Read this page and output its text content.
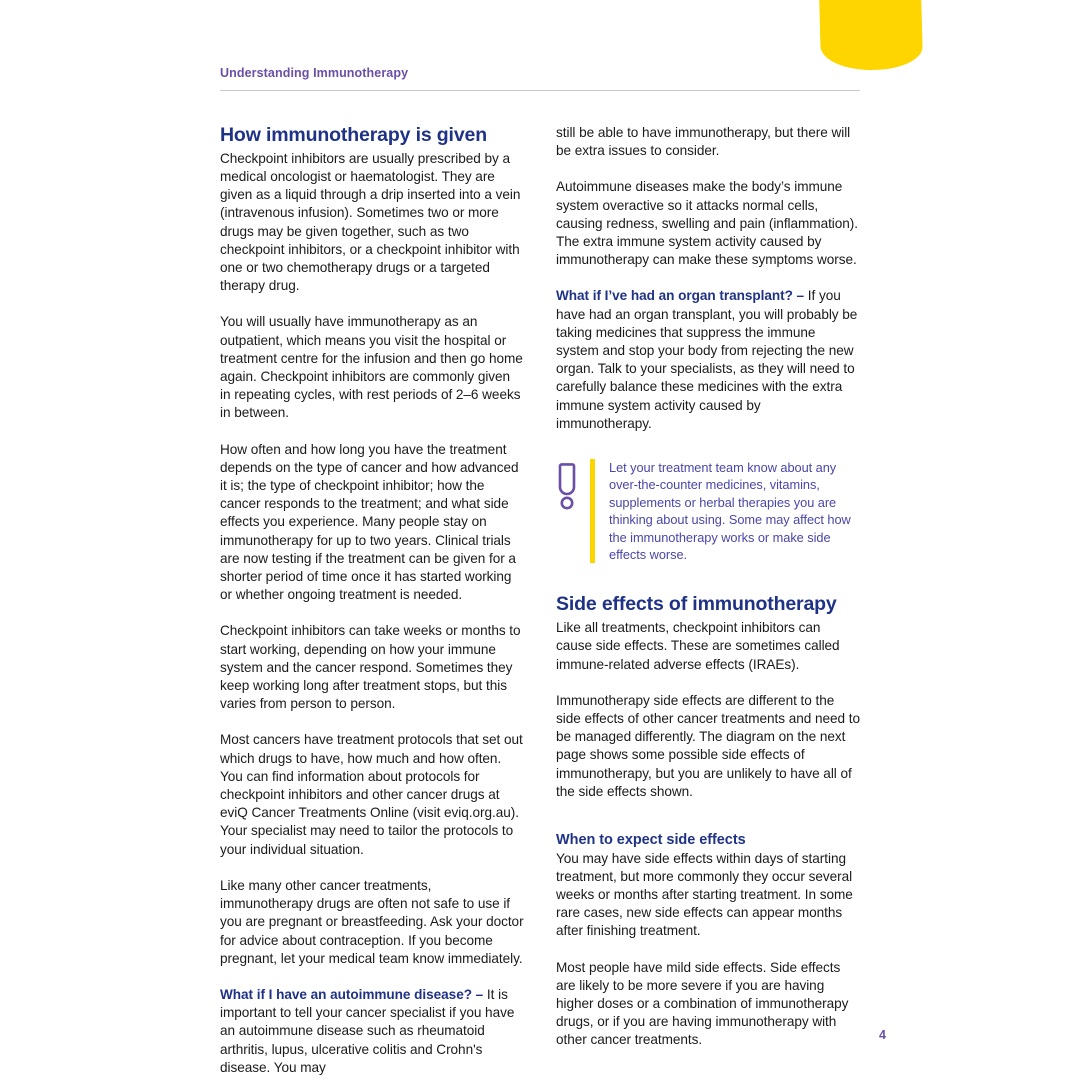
Understanding Immunotherapy
How immunotherapy is given

Checkpoint inhibitors are usually prescribed by a medical oncologist or haematologist. They are given as a liquid through a drip inserted into a vein (intravenous infusion). Sometimes two or more drugs may be given together, such as two checkpoint inhibitors, or a checkpoint inhibitor with one or two chemotherapy drugs or a targeted therapy drug.

You will usually have immunotherapy as an outpatient, which means you visit the hospital or treatment centre for the infusion and then go home again. Checkpoint inhibitors are commonly given in repeating cycles, with rest periods of 2–6 weeks in between.

How often and how long you have the treatment depends on the type of cancer and how advanced it is; the type of checkpoint inhibitor; how the cancer responds to the treatment; and what side effects you experience. Many people stay on immunotherapy for up to two years. Clinical trials are now testing if the treatment can be given for a shorter period of time once it has started working or whether ongoing treatment is needed.

Checkpoint inhibitors can take weeks or months to start working, depending on how your immune system and the cancer respond. Sometimes they keep working long after treatment stops, but this varies from person to person.

Most cancers have treatment protocols that set out which drugs to have, how much and how often. You can find information about protocols for checkpoint inhibitors and other cancer drugs at eviQ Cancer Treatments Online (visit eviq.org.au). Your specialist may need to tailor the protocols to your individual situation.

Like many other cancer treatments, immunotherapy drugs are often not safe to use if you are pregnant or breastfeeding. Ask your doctor for advice about contraception. If you become pregnant, let your medical team know immediately.

What if I have an autoimmune disease? – It is important to tell your cancer specialist if you have an autoimmune disease such as rheumatoid arthritis, lupus, ulcerative colitis and Crohn's disease. You may

still be able to have immunotherapy, but there will be extra issues to consider.

Autoimmune diseases make the body’s immune system overactive so it attacks normal cells, causing redness, swelling and pain (inflammation). The extra immune system activity caused by immunotherapy can make these symptoms worse.

What if I’ve had an organ transplant? – If you have had an organ transplant, you will probably be taking medicines that suppress the immune system and stop your body from rejecting the new organ. Talk to your specialists, as they will need to carefully balance these medicines with the extra immune system activity caused by immunotherapy.

Let your treatment team know about any over-the-counter medicines, vitamins, supplements or herbal therapies you are thinking about using. Some may affect how the immunotherapy works or make side effects worse.
Side effects of immunotherapy

Like all treatments, checkpoint inhibitors can cause side effects. These are sometimes called immune-related adverse effects (IRAEs).

Immunotherapy side effects are different to the side effects of other cancer treatments and need to be managed differently. The diagram on the next page shows some possible side effects of immunotherapy, but you are unlikely to have all of the side effects shown.

When to expect side effects

You may have side effects within days of starting treatment, but more commonly they occur several weeks or months after starting treatment. In some rare cases, new side effects can appear months after finishing treatment.

Most people have mild side effects. Side effects are likely to be more severe if you are having higher doses or a combination of immunotherapy drugs, or if you are having immunotherapy with other cancer treatments.	4
